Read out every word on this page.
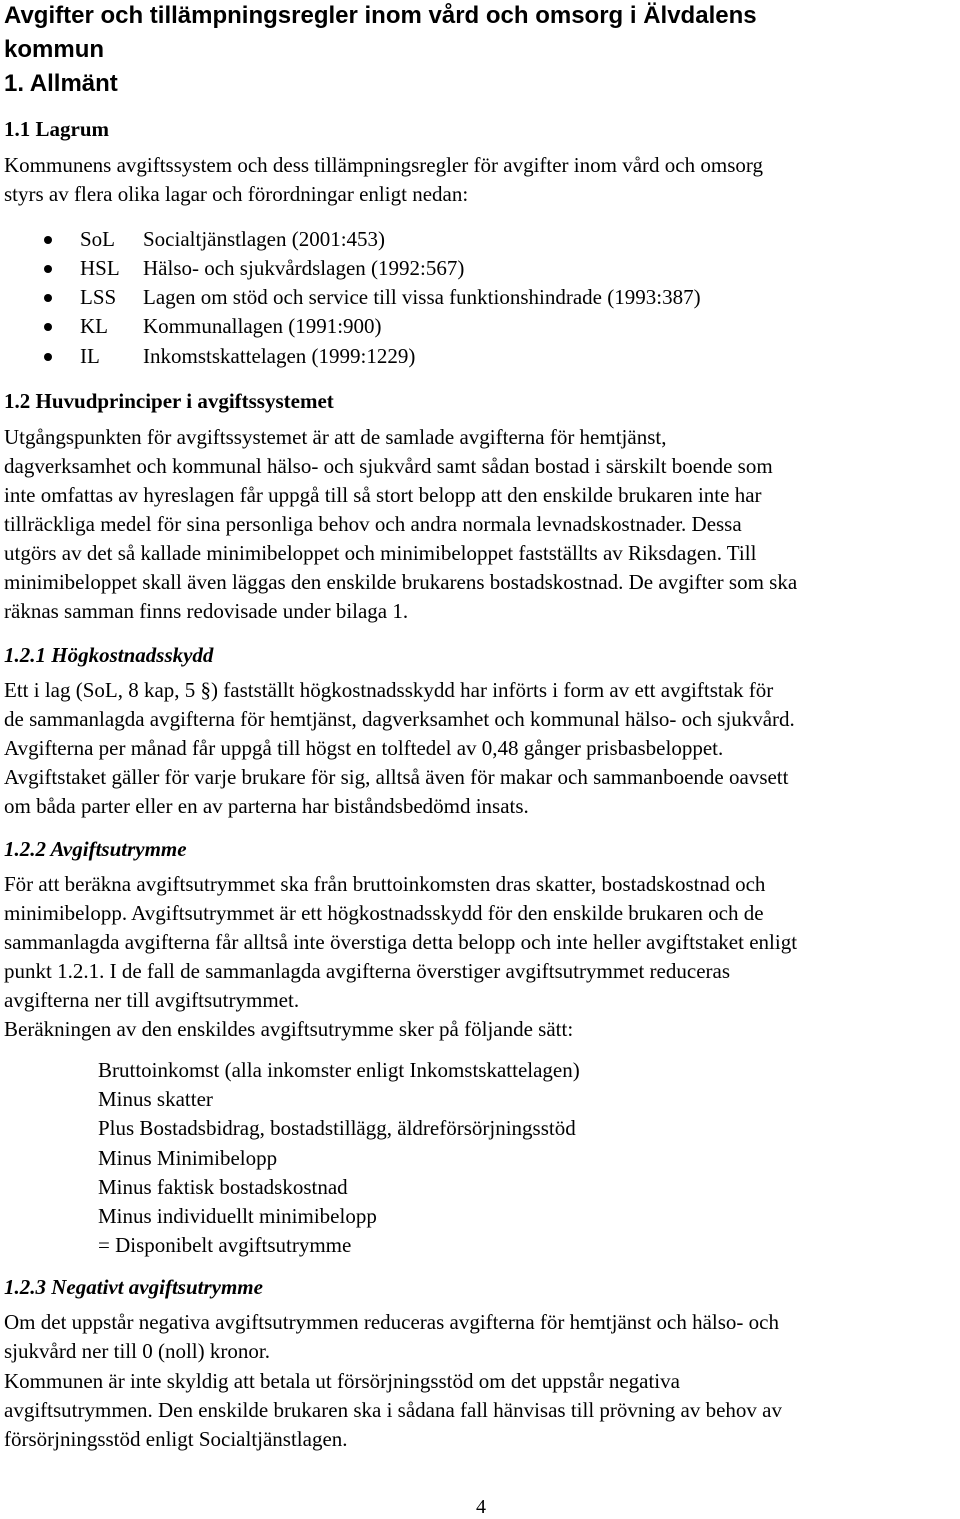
Avgifter och tillämpningsregler inom vård och omsorg i Älvdalens
kommun
1. Allmänt
1.1 Lagrum
Kommunens avgiftssystem och dess tillämpningsregler för avgifter inom vård och omsorg
styrs av flera olika lagar och förordningar enligt nedan:
SoL Socialtjänstlagen (2001:453)
HSL Hälso- och sjukvårdslagen (1992:567)
LSS Lagen om stöd och service till vissa funktionshindrade (1993:387)
KL Kommunallagen (1991:900)
IL Inkomstskattelagen (1999:1229)
1.2 Huvudprinciper i avgiftssystemet
Utgångspunkten för avgiftssystemet är att de samlade avgifterna för hemtjänst,
dagverksamhet och kommunal hälso- och sjukvård samt sådan bostad i särskilt boende som
inte omfattas av hyreslagen får uppgå till så stort belopp att den enskilde brukaren inte har
tillräckliga medel för sina personliga behov och andra normala levnadskostnader. Dessa
utgörs av det så kallade minimibeloppet och minimibeloppet fastställts av Riksdagen. Till
minimibeloppet skall även läggas den enskilde brukarens bostadskostnad. De avgifter som ska
räknas samman finns redovisade under bilaga 1.
1.2.1 Högkostnadsskydd
Ett i lag (SoL, 8 kap, 5 §) fastställt högkostnadsskydd har införts i form av ett avgiftstak för
de sammanlagda avgifterna för hemtjänst, dagverksamhet och kommunal hälso- och sjukvård.
Avgifterna per månad får uppgå till högst en tolftedel av 0,48 gånger prisbasbeloppet.
Avgiftstaket gäller för varje brukare för sig, alltså även för makar och sammanboende oavsett
om båda parter eller en av parterna har biståndsbedömd insats.
1.2.2 Avgiftsutrymme
För att beräkna avgiftsutrymmet ska från bruttoinkomsten dras skatter, bostadskostnad och
minimibelopp. Avgiftsutrymmet är ett högkostnadsskydd för den enskilde brukaren och de
sammanlagda avgifterna får alltså inte överstiga detta belopp och inte heller avgiftstaket enligt
punkt 1.2.1. I de fall de sammanlagda avgifterna överstiger avgiftsutrymmet reduceras
avgifterna ner till avgiftsutrymmet.
Beräkningen av den enskildes avgiftsutrymme sker på följande sätt:
Bruttoinkomst (alla inkomster enligt Inkomstskattelagen)
Minus skatter
Plus Bostadsbidrag, bostadstillägg, äldreförsörjningsstöd
Minus Minimibelopp
Minus faktisk bostadskostnad
Minus individuellt minimibelopp
= Disponibelt avgiftsutrymme
1.2.3 Negativt avgiftsutrymme
Om det uppstår negativa avgiftsutrymmen reduceras avgifterna för hemtjänst och hälso- och
sjukvård ner till 0 (noll) kronor.
Kommunen är inte skyldig att betala ut försörjningsstöd om det uppstår negativa
avgiftsutrymmen. Den enskilde brukaren ska i sådana fall hänvisas till prövning av behov av
försörjningsstöd enligt Socialtjänstlagen.
4
